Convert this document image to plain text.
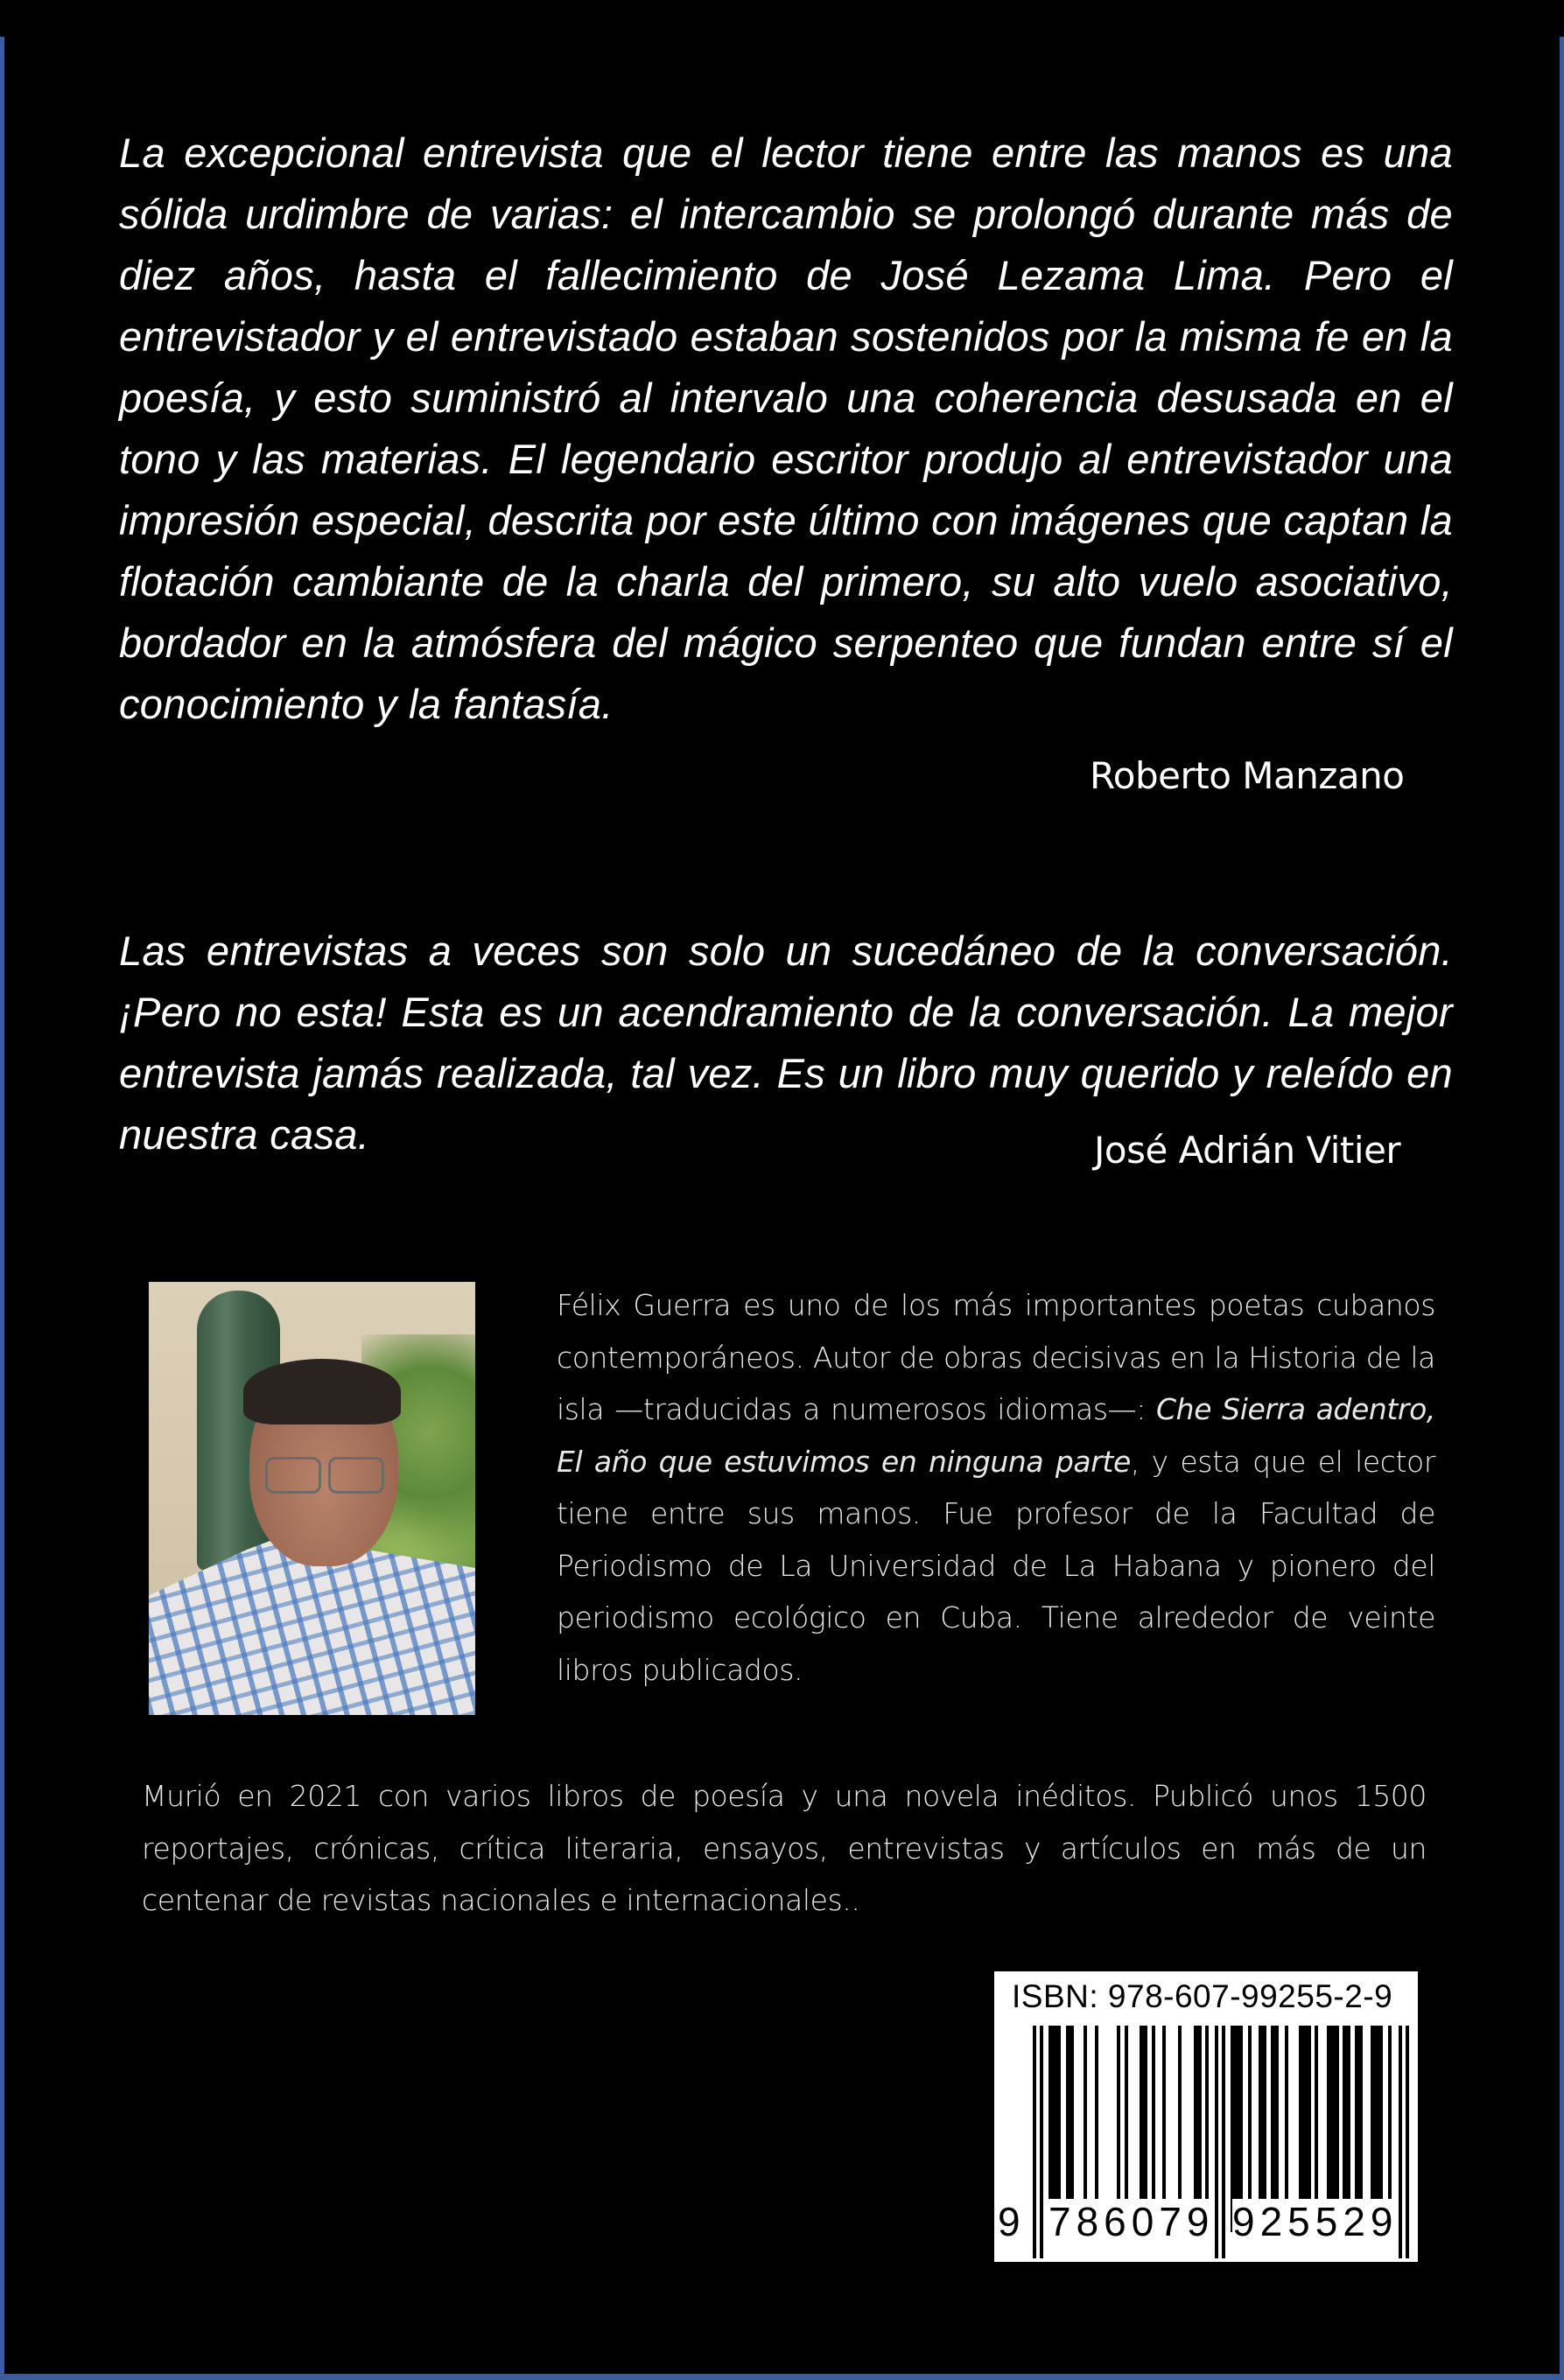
La excepcional entrevista que el lector tiene entre las manos es una sólida urdimbre de varias: el intercambio se prolongó durante más de diez años, hasta el fallecimiento de José Lezama Lima. Pero el entrevistador y el entrevistado estaban sostenidos por la misma fe en la poesía, y esto suministró al intervalo una coherencia desusada en el tono y las materias. El legendario escritor produjo al entrevistador una impresión especial, descrita por este último con imágenes que captan la flotación cambiante de la charla del primero, su alto vuelo asociativo, bordador en la atmósfera del mágico serpenteo que fundan entre sí el conocimiento y la fantasía.

Roberto Manzano

Las entrevistas a veces son solo un sucedáneo de la conversación. ¡Pero no esta! Esta es un acendramiento de la conversación. La mejor entrevista jamás realizada, tal vez. Es un libro muy querido y releído en nuestra casa.	José Adrián Vitier

Félix Guerra es uno de los más importantes poetas cubanos contemporáneos. Autor de obras decisivas en la Historia de la isla —traducidas a numerosos idiomas—: Che Sierra adentro, El año que estuvimos en ninguna parte, y esta que el lector tiene entre sus manos. Fue profesor de la Facultad de Periodismo de La Universidad de La Habana y pionero del periodismo ecológico en Cuba. Tiene alrededor de veinte libros publicados.

Murió en 2021 con varios libros de poesía y una novela inéditos. Publicó unos 1500 reportajes, crónicas, crítica literaria, ensayos, entrevistas y artículos en más de un centenar de revistas nacionales e internacionales..

ISBN: 978-607-99255-2-9
9 786079 925529
